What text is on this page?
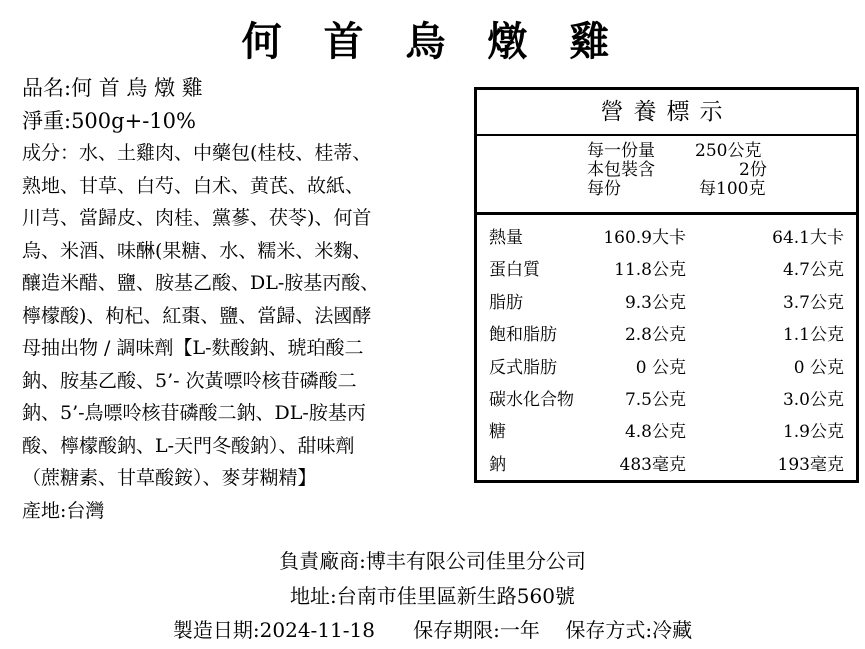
何 首 烏 燉 雞
品名:何 首 烏 燉 雞
淨重:500g+-10%
成分：水、土雞肉、中藥包(桂枝、桂蒂、
熟地、甘草、白芍、白术、黄芪、故紙、
川芎、當歸皮、肉桂、黨蔘、茯苓)、何首
烏、米酒、味醂(果糖、水、糯米、米麴、
釀造米醋、鹽、胺基乙酸、DL-胺基丙酸、
檸檬酸)、枸杞、紅棗、鹽、當歸、法國酵
母抽出物 / 調味劑【L-麩酸鈉、琥珀酸二
鈉、胺基乙酸、5’- 次黃嘌呤核苷磷酸二
鈉、5’-鳥嘌呤核苷磷酸二鈉、DL-胺基丙
酸、檸檬酸鈉、L-天門冬酸鈉）、甜味劑
（蔗糖素、甘草酸銨）、麥芽糊精】
產地:台灣
營養標示
每一份量 250公克
本包裝含	2份
每份	每100克
熱量	160.9大卡	64.1大卡
蛋白質	11.8公克	4.7公克
脂肪	9.3公克	3.7公克
飽和脂肪	2.8公克	1.1公克
反式脂肪	0 公克	0 公克
碳水化合物	7.5公克	3.0公克
糖	4.8公克	1.9公克
鈉	483毫克	193毫克
負責廠商:博丰有限公司佳里分公司
地址:台南市佳里區新生路560號
製造日期:2024-11-18 保存期限:一年 保存方式:冷藏
